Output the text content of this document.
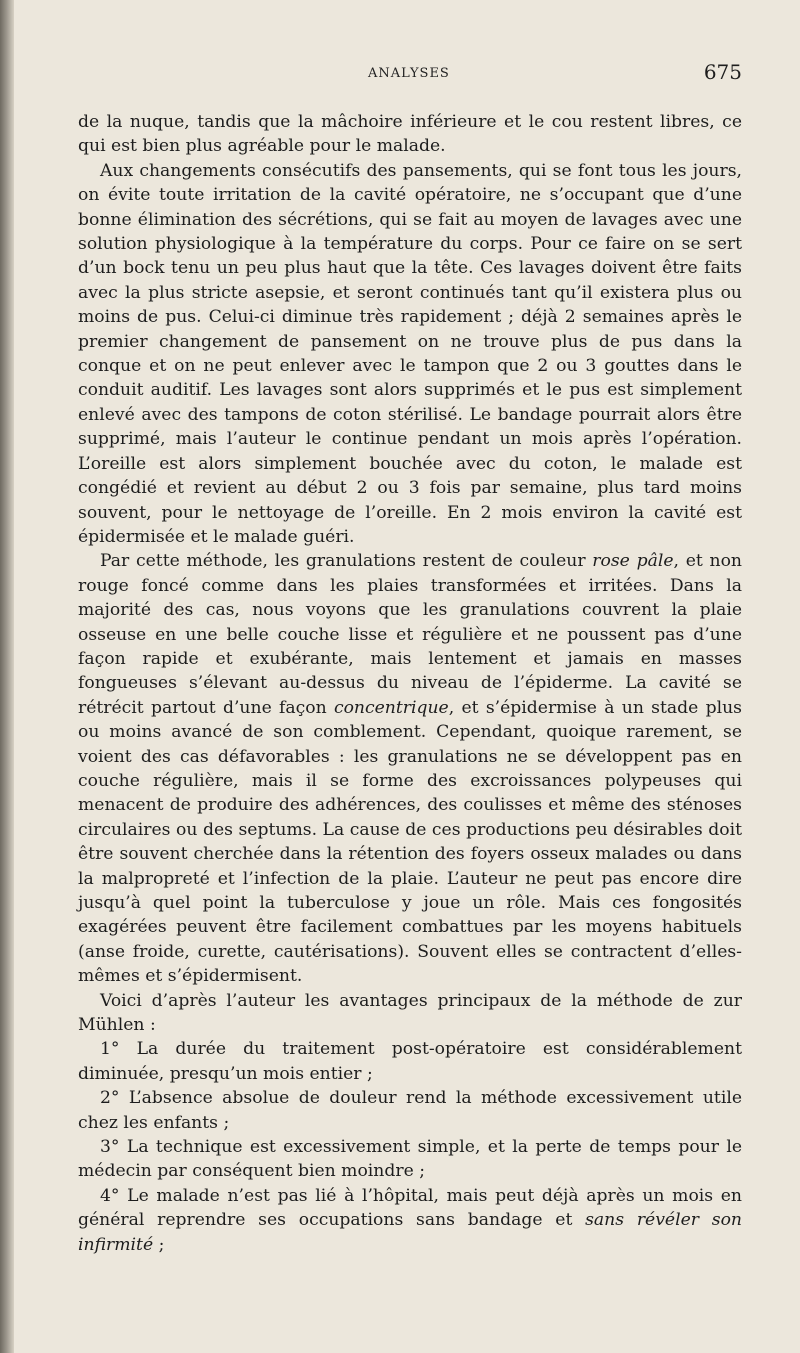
ANALYSES	675

de la nuque, tandis que la mâchoire inférieure et le cou restent libres, ce qui est bien plus agréable pour le malade.

Aux changements consécutifs des pansements, qui se font tous les jours, on évite toute irritation de la cavité opératoire, ne s’occupant que d’une bonne élimination des sécrétions, qui se fait au moyen de lavages avec une solution physiologique à la température du corps. Pour ce faire on se sert d’un bock tenu un peu plus haut que la tête. Ces lavages doivent être faits avec la plus stricte asepsie, et seront continués tant qu’il existera plus ou moins de pus. Celui-ci diminue très rapidement ; déjà 2 semaines après le premier changement de pansement on ne trouve plus de pus dans la conque et on ne peut enlever avec le tampon que 2 ou 3 gouttes dans le conduit auditif. Les lavages sont alors supprimés et le pus est simplement enlevé avec des tampons de coton stérilisé. Le bandage pourrait alors être supprimé, mais l’auteur le continue pendant un mois après l’opération. L’oreille est alors simplement bouchée avec du coton, le malade est congédié et revient au début 2 ou 3 fois par semaine, plus tard moins souvent, pour le nettoyage de l’oreille. En 2 mois environ la cavité est épidermisée et le malade guéri.

Par cette méthode, les granulations restent de couleur rose pâle, et non rouge foncé comme dans les plaies transformées et irritées. Dans la majorité des cas, nous voyons que les granulations couvrent la plaie osseuse en une belle couche lisse et régulière et ne poussent pas d’une façon rapide et exubérante, mais lentement et jamais en masses fongueuses s’élevant au-dessus du niveau de l’épiderme. La cavité se rétrécit partout d’une façon concentrique, et s’épidermise à un stade plus ou moins avancé de son comblement. Cependant, quoique rarement, se voient des cas défavorables : les granulations ne se développent pas en couche régulière, mais il se forme des excroissances polypeuses qui menacent de produire des adhérences, des coulisses et même des sténoses circulaires ou des septums. La cause de ces productions peu désirables doit être souvent cherchée dans la rétention des foyers osseux malades ou dans la malpropreté et l’infection de la plaie. L’auteur ne peut pas encore dire jusqu’à quel point la tuberculose y joue un rôle. Mais ces fongosités exagérées peuvent être facilement combattues par les moyens habituels (anse froide, curette, cautérisations). Souvent elles se contractent d’elles-mêmes et s’épidermisent.

Voici d’après l’auteur les avantages principaux de la méthode de zur Mühlen :

1° La durée du traitement post-opératoire est considérablement diminuée, presqu’un mois entier ;

2° L’absence absolue de douleur rend la méthode excessivement utile chez les enfants ;

3° La technique est excessivement simple, et la perte de temps pour le médecin par conséquent bien moindre ;

4° Le malade n’est pas lié à l’hôpital, mais peut déjà après un mois en général reprendre ses occupations sans bandage et sans révéler son infirmité ;
